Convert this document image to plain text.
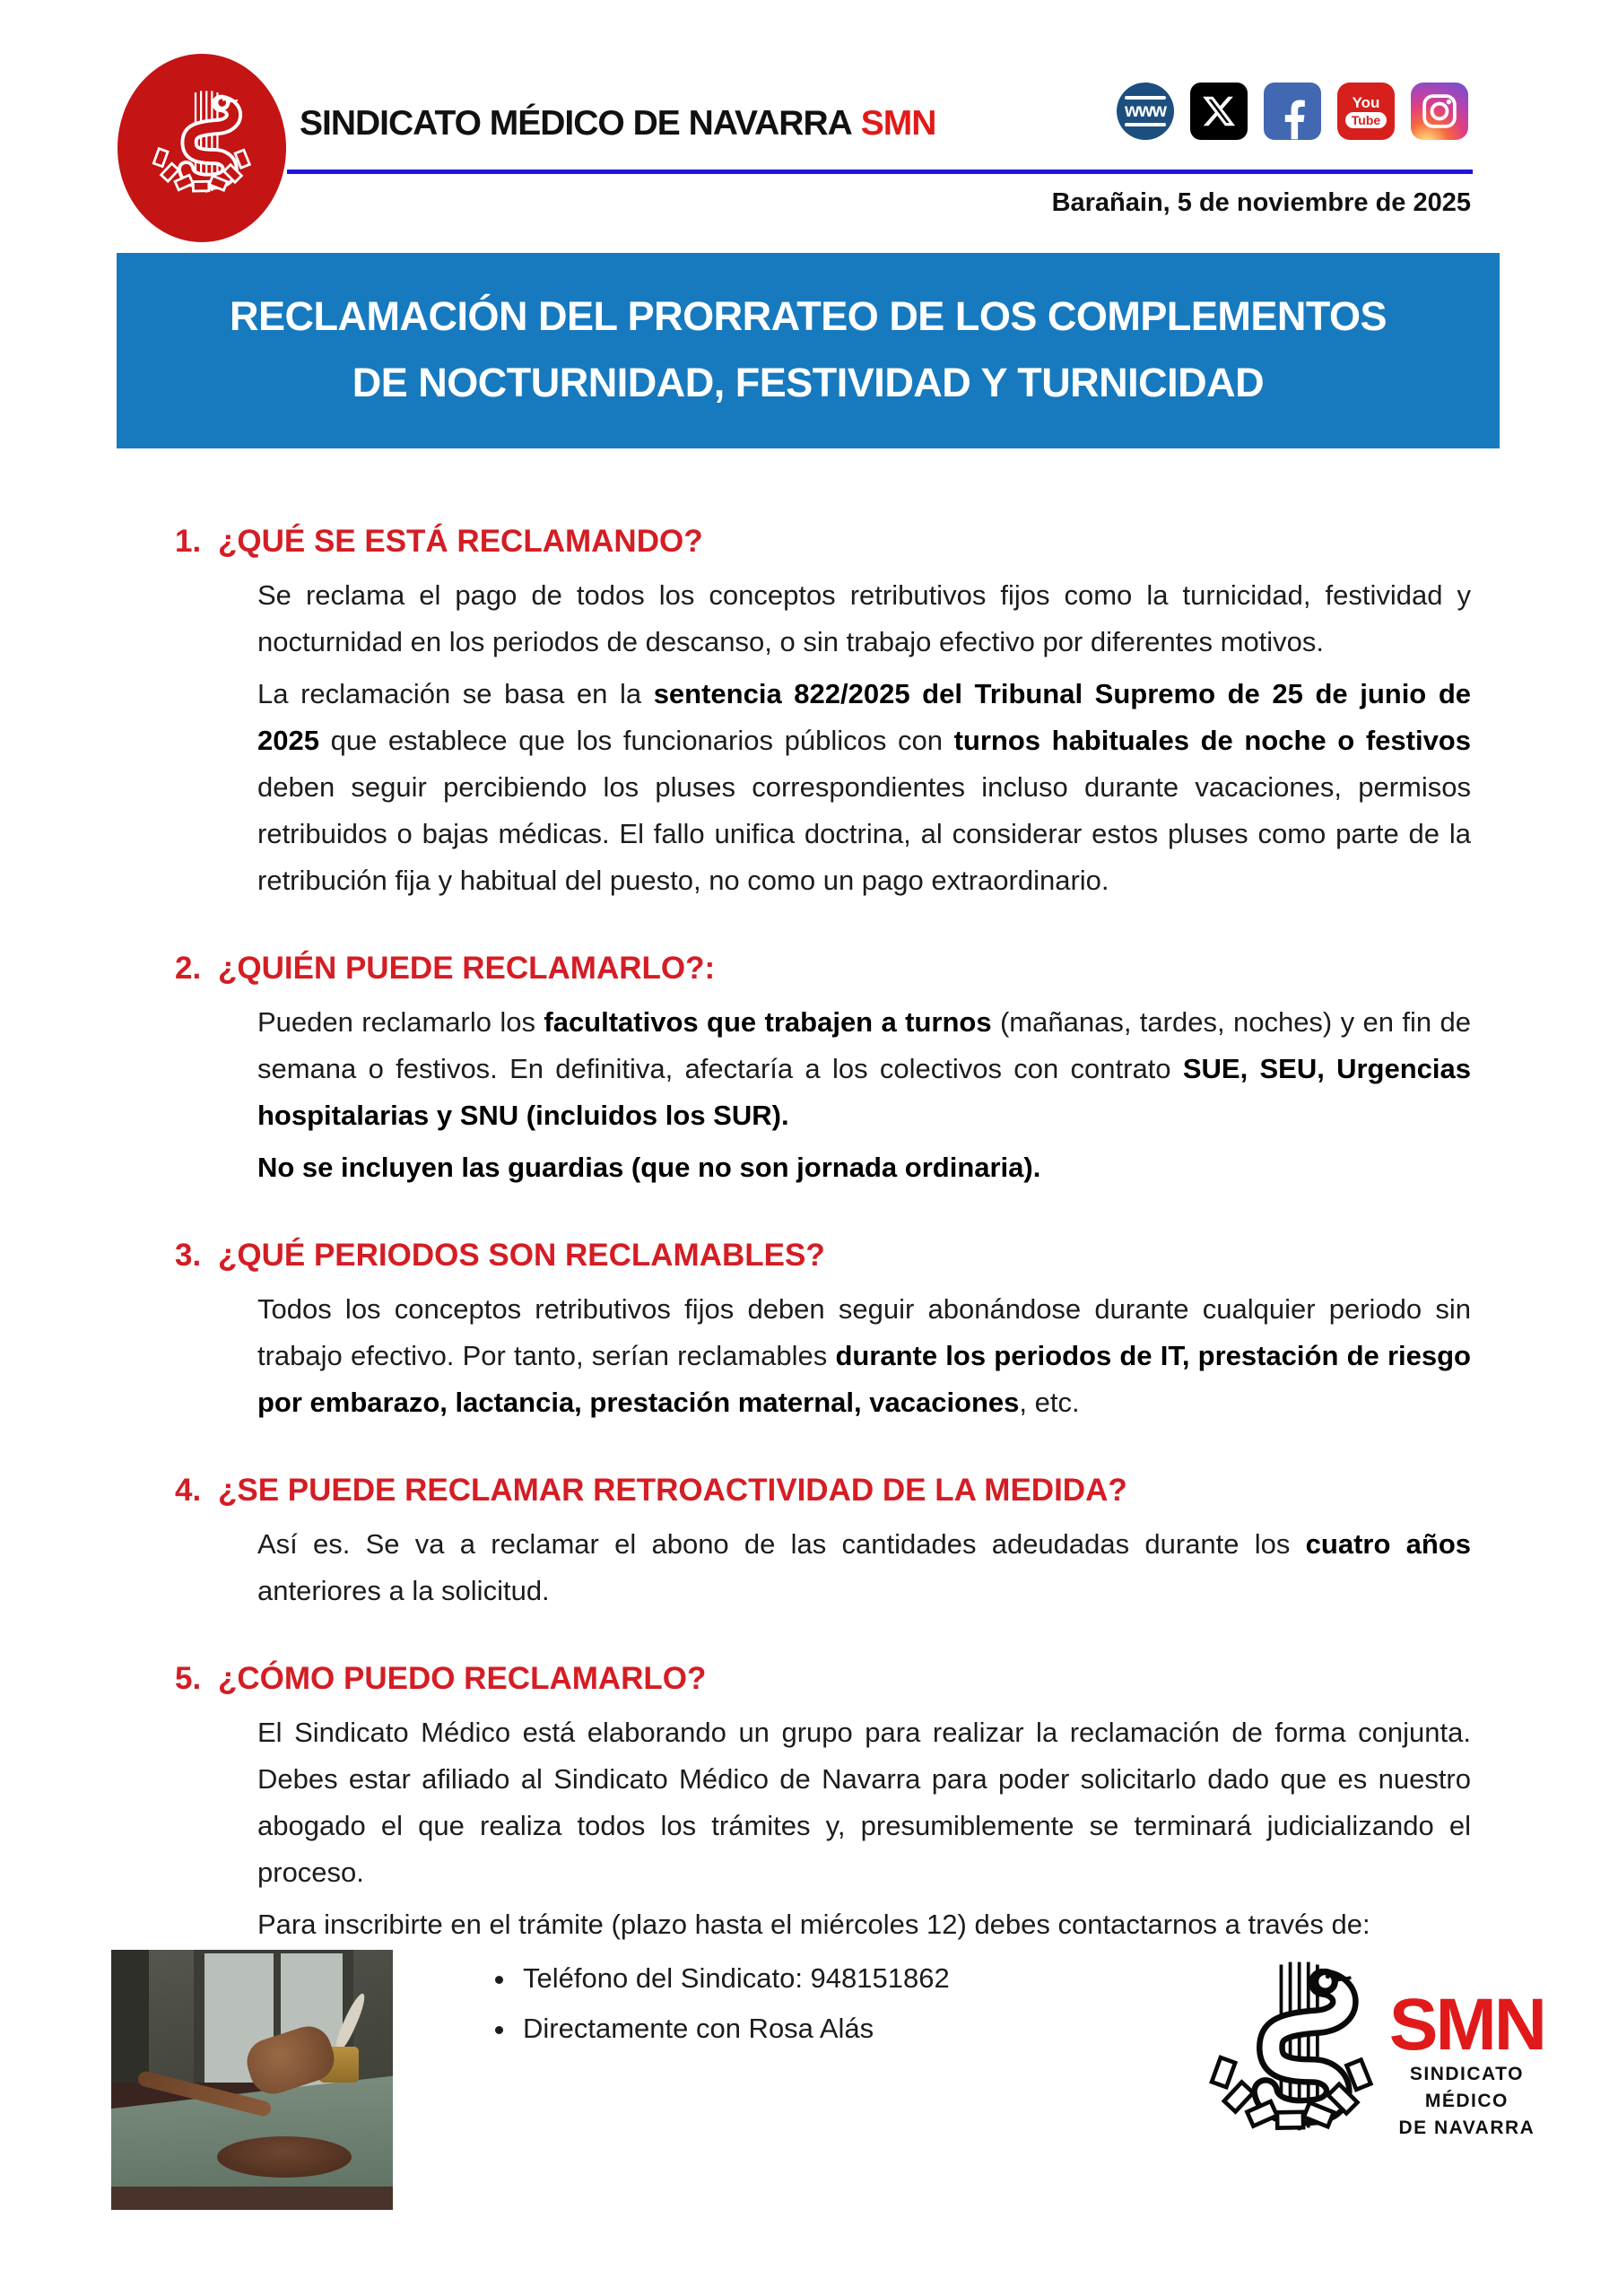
SINDICATO MÉDICO DE NAVARRA SMN	www	You
Tube
Barañain, 5 de noviembre de 2025
RECLAMACIÓN DEL PRORRATEO DE LOS COMPLEMENTOS
DE NOCTURNIDAD, FESTIVIDAD Y TURNICIDAD
1. ¿QUÉ SE ESTÁ RECLAMANDO?

Se reclama el pago de todos los conceptos retributivos fijos como la turnicidad, festividad y nocturnidad en los periodos de descanso, o sin trabajo efectivo por diferentes motivos.

La reclamación se basa en la sentencia 822/2025 del Tribunal Supremo de 25 de junio de 2025 que establece que los funcionarios públicos con turnos habituales de noche o festivos deben seguir percibiendo los pluses correspondientes incluso durante vacaciones, permisos retribuidos o bajas médicas. El fallo unifica doctrina, al considerar estos pluses como parte de la retribución fija y habitual del puesto, no como un pago extraordinario.

2. ¿QUIÉN PUEDE RECLAMARLO?:

Pueden reclamarlo los facultativos que trabajen a turnos (mañanas, tardes, noches) y en fin de semana o festivos. En definitiva, afectaría a los colectivos con contrato SUE, SEU, Urgencias hospitalarias y SNU (incluidos los SUR).

No se incluyen las guardias (que no son jornada ordinaria).

3. ¿QUÉ PERIODOS SON RECLAMABLES?

Todos los conceptos retributivos fijos deben seguir abonándose durante cualquier periodo sin trabajo efectivo. Por tanto, serían reclamables durante los periodos de IT, prestación de riesgo por embarazo, lactancia, prestación maternal, vacaciones, etc.

4. ¿SE PUEDE RECLAMAR RETROACTIVIDAD DE LA MEDIDA?

Así es. Se va a reclamar el abono de las cantidades adeudadas durante los cuatro años anteriores a la solicitud.

5. ¿CÓMO PUEDO RECLAMARLO?

El Sindicato Médico está elaborando un grupo para realizar la reclamación de forma conjunta. Debes estar afiliado al Sindicato Médico de Navarra para poder solicitarlo dado que es nuestro abogado el que realiza todos los trámites y, presumiblemente se terminará judicializando el proceso.

Para inscribirte en el trámite (plazo hasta el miércoles 12) debes contactarnos a través de:

• Teléfono del Sindicato: 948151862
• Directamente con Rosa Alás	SMN
SINDICATO
MÉDICO
DE NAVARRA
